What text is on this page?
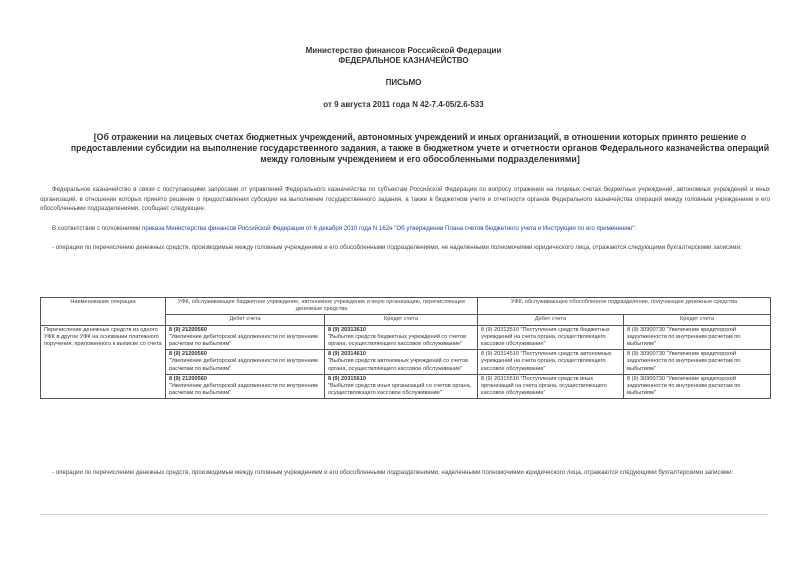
Министерство финансов Российской Федерации
ФЕДЕРАЛЬНОЕ КАЗНАЧЕЙСТВО
ПИСЬМО
от 9 августа 2011 года N 42-7.4-05/2.6-533
[Об отражении на лицевых счетах бюджетных учреждений, автономных учреждений и иных организаций, в отношении которых принято решение о предоставлении субсидии на выполнение государственного задания, а также в бюджетном учете и отчетности органов Федерального казначейства операций между головным учреждением и его обособленными подразделениями]
Федеральное казначейство в связи с поступающими запросами от управлений Федерального казначейства по субъектам Российской Федерации по вопросу отражения на лицевых счетах бюджетных учреждений, автономных учреждений и иных организаций, в отношении которых принято решение о предоставлении субсидии на выполнение государственного задания, а также в бюджетном учете и отчетности органов Федерального казначейства операций между головным учреждением и его обособленными подразделениями, сообщает следующее.
В соответствии с положениями приказа Министерства финансов Российской Федерации от 6 декабря 2010 года N 162н "Об утверждении Плана счетов бюджетного учета и Инструкции по его применению":
- операции по перечислению денежных средств, производимые между головным учреждением и его обособленными подразделениями, не наделенными полномочиями юридического лица, отражаются следующими бухгалтерскими записями:
Наименование операции	УФК, обслуживающее бюджетное учреждение, автономное учреждение и иную организацию, перечисляющее денежные средства		УФК, обслуживающее обособленное подразделение, получающее денежные средства	
	Дебет счета	Кредит счета	Дебет счета	Кредит счета
Перечисление денежных средств из одного УФК в другое УФК на основании платежного поручения, приложенного к выписке со счета	8 (9) 21200560
"Увеличение дебиторской задолженности по внутренним расчетам по выбытиям"	8 (9) 20313610
"Выбытия средств бюджетных учреждений со счетов органа, осуществляющего кассовое обслуживание"	8 (9) 20313510 "Поступления средств бюджетных учреждений на счета органа, осуществляющего кассовое обслуживание"	8 (9) 30900730 "Увеличение кредиторской задолженности по внутренним расчетам по выбытиям"

	8 (9) 21200560
"Увеличение дебиторской задолженности по внутренним расчетам по выбытиям"	8 (9) 20314610
"Выбытия средств автономных учреждений со счетов органа, осуществляющего кассовое обслуживание"	8 (9) 20314510 "Поступления средств автономных учреждений на счета органа, осуществляющего кассовое обслуживание"	8 (9) 30900730 "Увеличение кредиторской задолженности по внутренним расчетам по выбытиям"

	8 (9) 21200560
"Увеличение дебиторской задолженности по внутренним расчетам по выбытиям"	8 (9) 20315610
"Выбытия средств иных организаций со счетов органа, осуществляющего кассовое обслуживание"	8 (9) 20315510 "Поступления средств иных организаций на счета органа, осуществляющего кассовое обслуживание"	8 (9) 30900730 "Увеличение кредиторской задолженности по внутренним расчетам по выбытиям"
- операции по перечислению денежных средств, производимые между головным учреждением и его обособленными подразделениями, наделенными полномочиями юридического лица, отражаются следующими бухгалтерскими записями:
